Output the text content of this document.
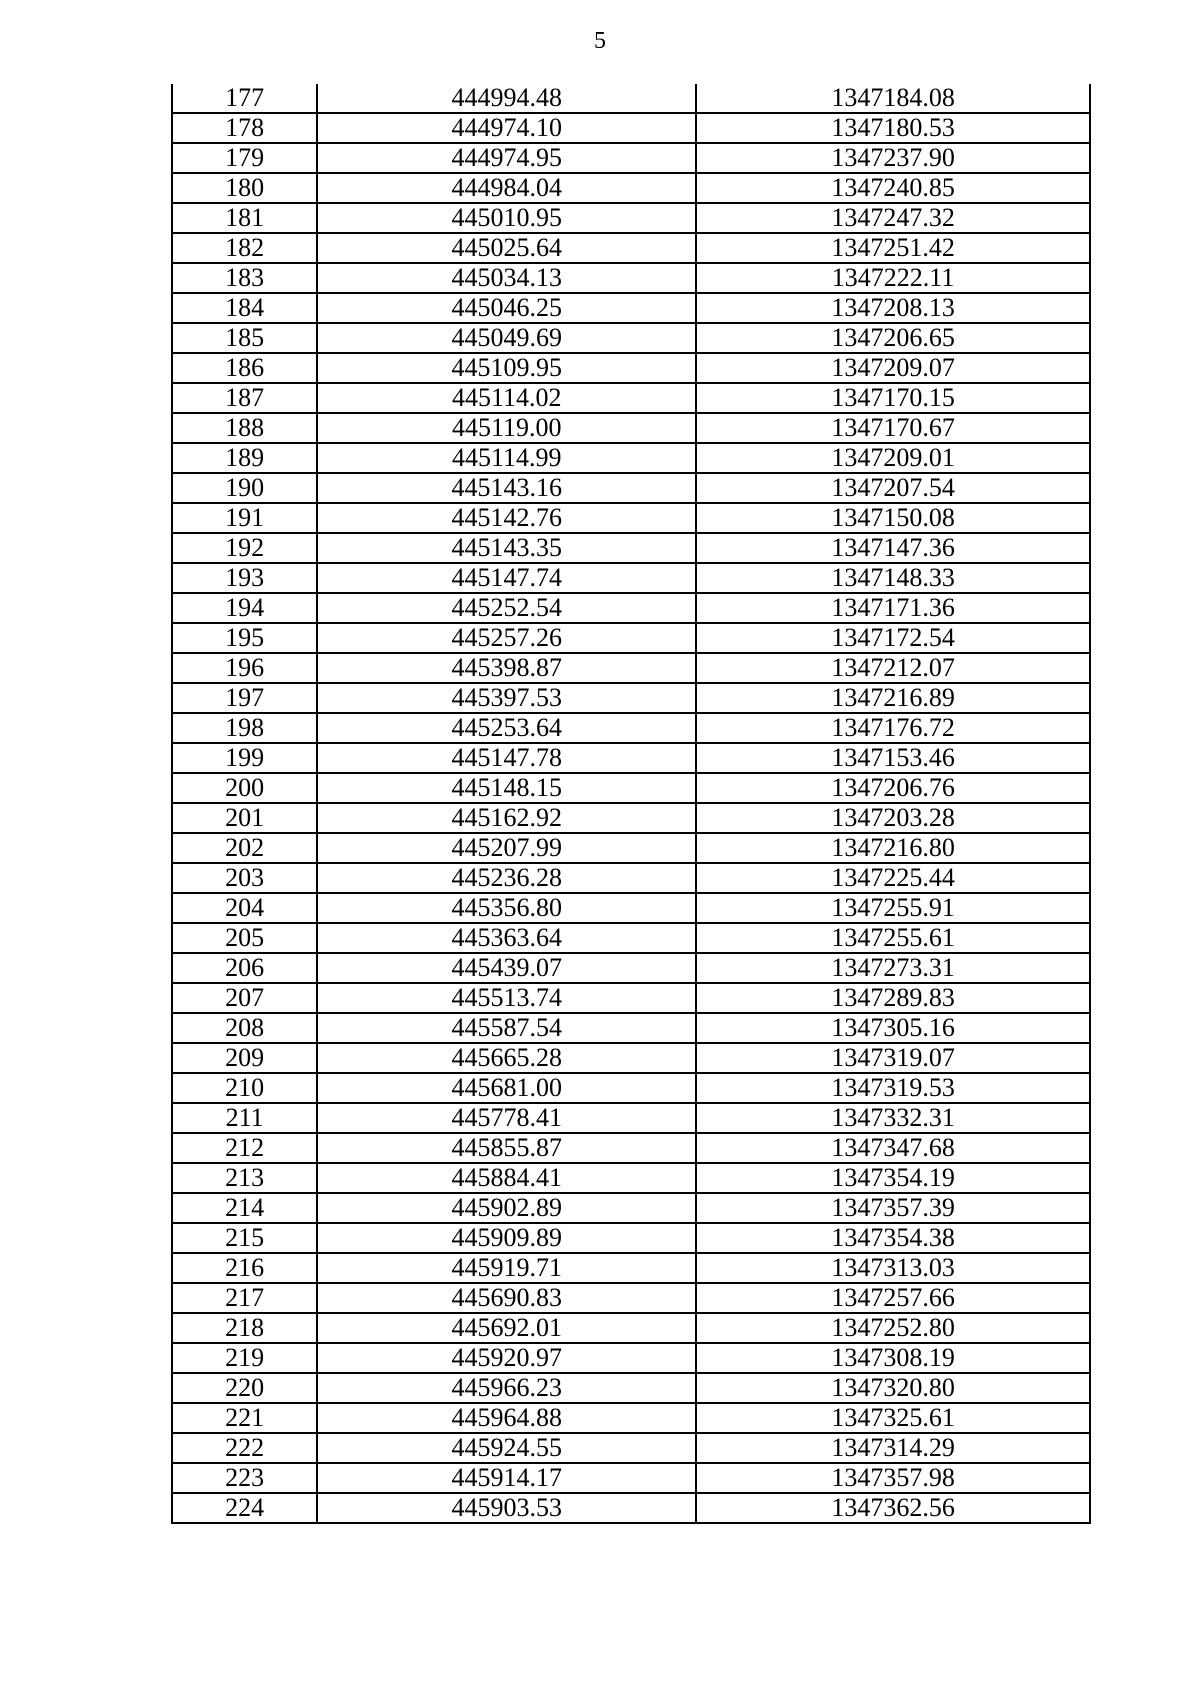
5
177	444994.48	1347184.08
178	444974.10	1347180.53
179	444974.95	1347237.90
180	444984.04	1347240.85
181	445010.95	1347247.32
182	445025.64	1347251.42
183	445034.13	1347222.11
184	445046.25	1347208.13
185	445049.69	1347206.65
186	445109.95	1347209.07
187	445114.02	1347170.15
188	445119.00	1347170.67
189	445114.99	1347209.01
190	445143.16	1347207.54
191	445142.76	1347150.08
192	445143.35	1347147.36
193	445147.74	1347148.33
194	445252.54	1347171.36
195	445257.26	1347172.54
196	445398.87	1347212.07
197	445397.53	1347216.89
198	445253.64	1347176.72
199	445147.78	1347153.46
200	445148.15	1347206.76
201	445162.92	1347203.28
202	445207.99	1347216.80
203	445236.28	1347225.44
204	445356.80	1347255.91
205	445363.64	1347255.61
206	445439.07	1347273.31
207	445513.74	1347289.83
208	445587.54	1347305.16
209	445665.28	1347319.07
210	445681.00	1347319.53
211	445778.41	1347332.31
212	445855.87	1347347.68
213	445884.41	1347354.19
214	445902.89	1347357.39
215	445909.89	1347354.38
216	445919.71	1347313.03
217	445690.83	1347257.66
218	445692.01	1347252.80
219	445920.97	1347308.19
220	445966.23	1347320.80
221	445964.88	1347325.61
222	445924.55	1347314.29
223	445914.17	1347357.98
224	445903.53	1347362.56
